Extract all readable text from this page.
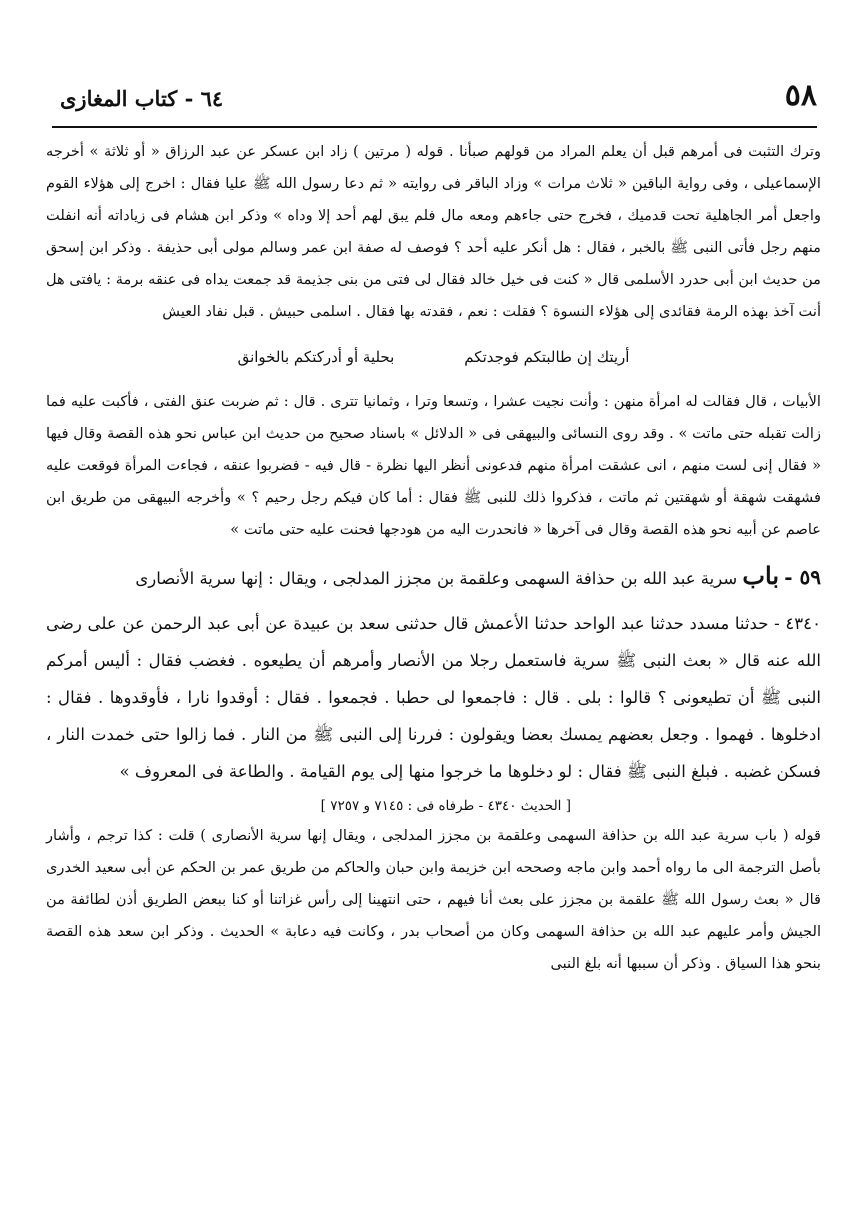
٥٨
٦٤ - كتاب المغازى

وترك التثبت فى أمرهم قبل أن يعلم المراد من قولهم صبأنا . قوله ( مرتين ) زاد ابن عسكر عن عبد الرزاق « أو ثلاثة » أخرجه الإسماعيلى ، وفى رواية الباقين « ثلاث مرات » وزاد الباقر فى روايته « ثم دعا رسول الله ﷺ عليا فقال : اخرج إلى هؤلاء القوم واجعل أمر الجاهلية تحت قدميك ، فخرج حتى جاءهم ومعه مال فلم يبق لهم أحد إلا وداه » وذكر ابن هشام فى زياداته أنه انفلت منهم رجل فأتى النبى ﷺ بالخبر ، فقال : هل أنكر عليه أحد ؟ فوصف له صفة ابن عمر وسالم مولى أبى حذيفة . وذكر ابن إسحق من حديث ابن أبى حدرد الأسلمى قال « كنت فى خيل خالد فقال لى فتى من بنى جذيمة قد جمعت يداه فى عنقه برمة : يافتى هل أنت آخذ بهذه الرمة فقائدى إلى هؤلاء النسوة ؟ فقلت : نعم ، فقدته بها فقال . اسلمى حبيش . قبل نفاد العيش

أريتك إن طالبتكم فوجدتكم
بحلية أو أدركتكم بالخوانق

الأبيات ، قال فقالت له امرأة منهن : وأنت نجيت عشرا ، وتسعا وترا ، وثمانيا تترى . قال : ثم ضربت عنق الفتى ، فأكبت عليه فما زالت تقبله حتى ماتت » . وقد روى النسائى والبيهقى فى « الدلائل » باسناد صحيح من حديث ابن عباس نحو هذه القصة وقال فيها « فقال إنى لست منهم ، انى عشقت امرأة منهم فدعونى أنظر اليها نظرة - قال فيه - فضربوا عنقه ، فجاءت المرأة فوقعت عليه فشهقت شهقة أو شهقتين ثم ماتت ، فذكروا ذلك للنبى ﷺ فقال : أما كان فيكم رجل رحيم ؟ » وأخرجه البيهقى من طريق ابن عاصم عن أبيه نحو هذه القصة وقال فى آخرها « فانحدرت اليه من هودجها فحنت عليه حتى ماتت »

٥٩ - باب سرية عبد الله بن حذافة السهمى وعلقمة بن مجزز المدلجى ، ويقال : إنها سرية الأنصارى

٤٣٤٠ - حدثنا مسدد حدثنا عبد الواحد حدثنا الأعمش قال حدثنى سعد بن عبيدة عن أبى عبد الرحمن عن على رضى الله عنه قال « بعث النبى ﷺ سرية فاستعمل رجلا من الأنصار وأمرهم أن يطيعوه . فغضب فقال : أليس أمركم النبى ﷺ أن تطيعونى ؟ قالوا : بلى . قال : فاجمعوا لى حطبا . فجمعوا . فقال : أوقدوا نارا ، فأوقدوها . فقال : ادخلوها . فهموا . وجعل بعضهم يمسك بعضا ويقولون : فررنا إلى النبى ﷺ من النار . فما زالوا حتى خمدت النار ، فسكن غضبه . فبلغ النبى ﷺ فقال : لو دخلوها ما خرجوا منها إلى يوم القيامة . والطاعة فى المعروف »

[ الحديث ٤٣٤٠ - طرفاه فى : ٧١٤٥ و ٧٢٥٧ ]

قوله ( باب سرية عبد الله بن حذافة السهمى وعلقمة بن مجزز المدلجى ، ويقال إنها سرية الأنصارى ) قلت : كذا ترجم ، وأشار بأصل الترجمة الى ما رواه أحمد وابن ماجه وصححه ابن خزيمة وابن حبان والحاكم من طريق عمر بن الحكم عن أبى سعيد الخدرى قال « بعث رسول الله ﷺ علقمة بن مجزز على بعث أنا فيهم ، حتى انتهينا إلى رأس غزاتنا أو كنا ببعض الطريق أذن لطائفة من الجيش وأمر عليهم عبد الله بن حذافة السهمى وكان من أصحاب بدر ، وكانت فيه دعابة » الحديث . وذكر ابن سعد هذه القصة بنحو هذا السياق . وذكر أن سببها أنه بلغ النبى
